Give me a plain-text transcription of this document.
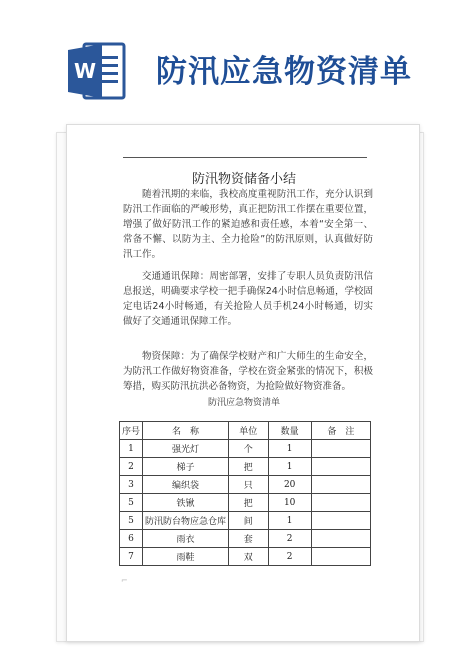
W 防汛应急物资清单
防汛物资储备小结

随着汛期的来临，我校高度重视防汛工作，充分认识到防汛工作面临的严峻形势，真正把防汛工作摆在重要位置，增强了做好防汛工作的紧迫感和责任感，本着“安全第一、常备不懈、以防为主、全力抢险”的防汛原则，认真做好防汛工作。

交通通讯保障：周密部署，安排了专职人员负责防汛信息报送，明确要求学校一把手确保24小时信息畅通，学校固定电话24小时畅通，有关抢险人员手机24小时畅通，切实做好了交通通讯保障工作。

物资保障：为了确保学校财产和广大师生的生命安全，为防汛工作做好物资准备，学校在资金紧张的情况下，积极筹措，购买防汛抗洪必备物资，为抢险做好物资准备。

防汛应急物资清单
序号	名　称	单位	数量	备　注
1	强光灯	个	1	
2	梯子	把	1	
3	编织袋	只	20	
5	铁锹	把	10	
5	防汛防台物应急仓库	间	1	
6	雨衣	套	2	
7	雨鞋	双	2	
⌐
